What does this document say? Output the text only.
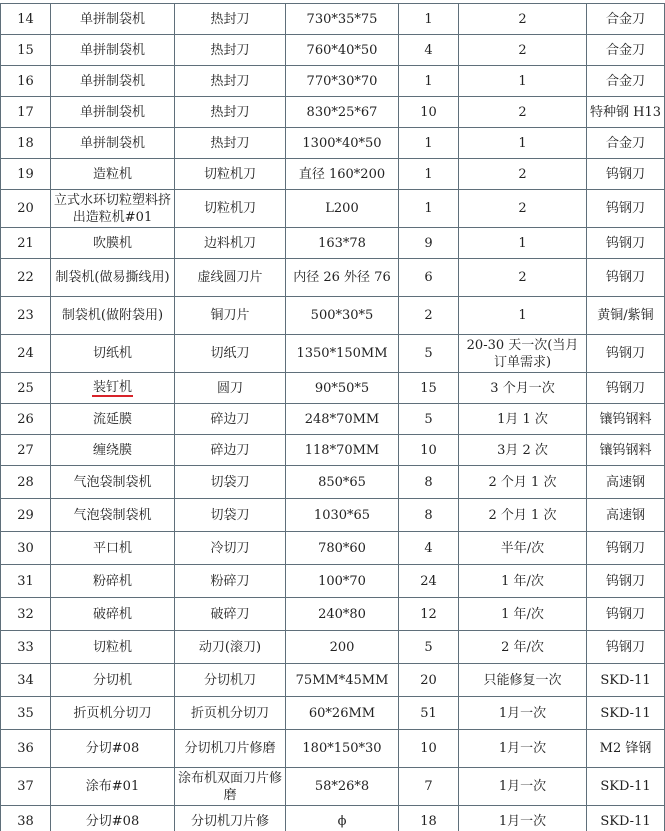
14	单拼制袋机	热封刀	730*35*75	1	2	合金刀
15	单拼制袋机	热封刀	760*40*50	4	2	合金刀
16	单拼制袋机	热封刀	770*30*70	1	1	合金刀
17	单拼制袋机	热封刀	830*25*67	10	2	特种钢 H13
18	单拼制袋机	热封刀	1300*40*50	1	1	合金刀
19	造粒机	切粒机刀	直径 160*200	1	2	钨钢刀
20	立式水环切粒塑料挤出造粒机#01	切粒机刀	L200	1	2	钨钢刀
21	吹膜机	边料机刀	163*78	9	1	钨钢刀
22	制袋机(做易撕线用)	虚线圆刀片	内径 26 外径 76	6	2	钨钢刀
23	制袋机(做附袋用)	铜刀片	500*30*5	2	1	黄铜/紫铜
24	切纸机	切纸刀	1350*150MM	5	20-30 天一次(当月订单需求)	钨钢刀
25	装钉机	圆刀	90*50*5	15	3 个月一次	钨钢刀
26	流延膜	碎边刀	248*70MM	5	1月 1 次	镶钨钢料
27	缠绕膜	碎边刀	118*70MM	10	3月 2 次	镶钨钢料
28	气泡袋制袋机	切袋刀	850*65	8	2 个月 1 次	高速钢
29	气泡袋制袋机	切袋刀	1030*65	8	2 个月 1 次	高速钢
30	平口机	冷切刀	780*60	4	半年/次	钨钢刀
31	粉碎机	粉碎刀	100*70	24	1 年/次	钨钢刀
32	破碎机	破碎刀	240*80	12	1 年/次	钨钢刀
33	切粒机	动刀(滚刀)	200	5	2 年/次	钨钢刀
34	分切机	分切机刀	75MM*45MM	20	只能修复一次	SKD-11
35	折页机分切刀	折页机分切刀	60*26MM	51	1月一次	SKD-11
36	分切#08	分切机刀片修磨	180*150*30	10	1月一次	M2 锋钢
37	涂布#01	涂布机双面刀片修磨	58*26*8	7	1月一次	SKD-11
38	分切#08	分切机刀片修	ϕ	18	1月一次	SKD-11
